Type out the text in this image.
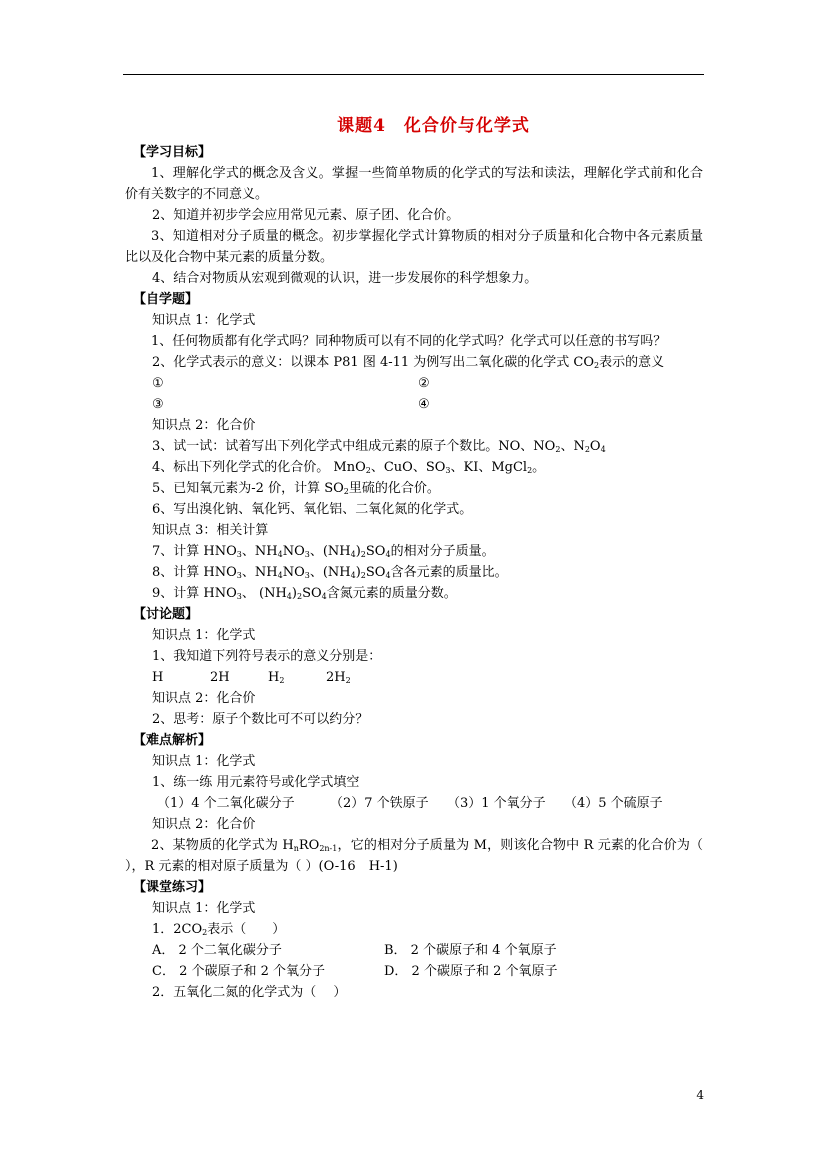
课题4　化合价与化学式
【学习目标】
1、理解化学式的概念及含义。掌握一些简单物质的化学式的写法和读法，理解化学式前和化合价有关数字的不同意义。
2、知道并初步学会应用常见元素、原子团、化合价。
3、知道相对分子质量的概念。初步掌握化学式计算物质的相对分子质量和化合物中各元素质量比以及化合物中某元素的质量分数。
4、结合对物质从宏观到微观的认识，进一步发展你的科学想象力。
【自学题】
知识点 1：化学式
1、任何物质都有化学式吗？同种物质可以有不同的化学式吗？化学式可以任意的书写吗？
2、化学式表示的意义：以课本 P81 图 4-11 为例写出二氧化碳的化学式 $CO_2$表示的意义
①	②
③	④
知识点 2：化合价
3、试一试：试着写出下列化学式中组成元素的原子个数比。NO、$NO_2$、$N_2O_4$
4、标出下列化学式的化合价。 MnO$_2$、CuO、$SO_3$、KI、MgCl$_2$。
5、已知氧元素为-2 价，计算 $SO_2$里硫的化合价。
6、写出溴化钠、氧化钙、氧化铝、二氧化氮的化学式。
知识点 3：相关计算
7、计算 $HNO_3$、$NH_4NO_3$、$(NH_4)_2SO_4$的相对分子质量。
8、计算 $HNO_3$、$NH_4NO_3$、$(NH_4)_2SO_4$含各元素的质量比。
9、计算 $HNO_3$、 $(NH_4)_2SO_4$含氮元素的质量分数。
【讨论题】
知识点 1：化学式
1、我知道下列符号表示的意义分别是：
H	2H	$H_2$	$2H_2$
知识点 2：化合价
2、思考：原子个数比可不可以约分？
【难点解析】
知识点 1：化学式
1、练一练 用元素符号或化学式填空
（1）4 个二氧化碳分子	（2）7 个铁原子 （3）1 个氧分子 （4）5 个硫原子
知识点 2：化合价
2、某物质的化学式为 $H_nRO_{2n-1}$，它的相对分子质量为 M，则该化合物中 R 元素的化合价为（ ），R 元素的相对原子质量为（ ）(O-16　H-1)
【课堂练习】
知识点 1：化学式
1．$2CO_2$表示（　　）
A． 2 个二氧化碳分子	B． 2 个碳原子和 4 个氧原子
C． 2 个碳原子和 2 个氧分子	D． 2 个碳原子和 2 个氧原子
2．五氧化二氮的化学式为（　 ）
4
